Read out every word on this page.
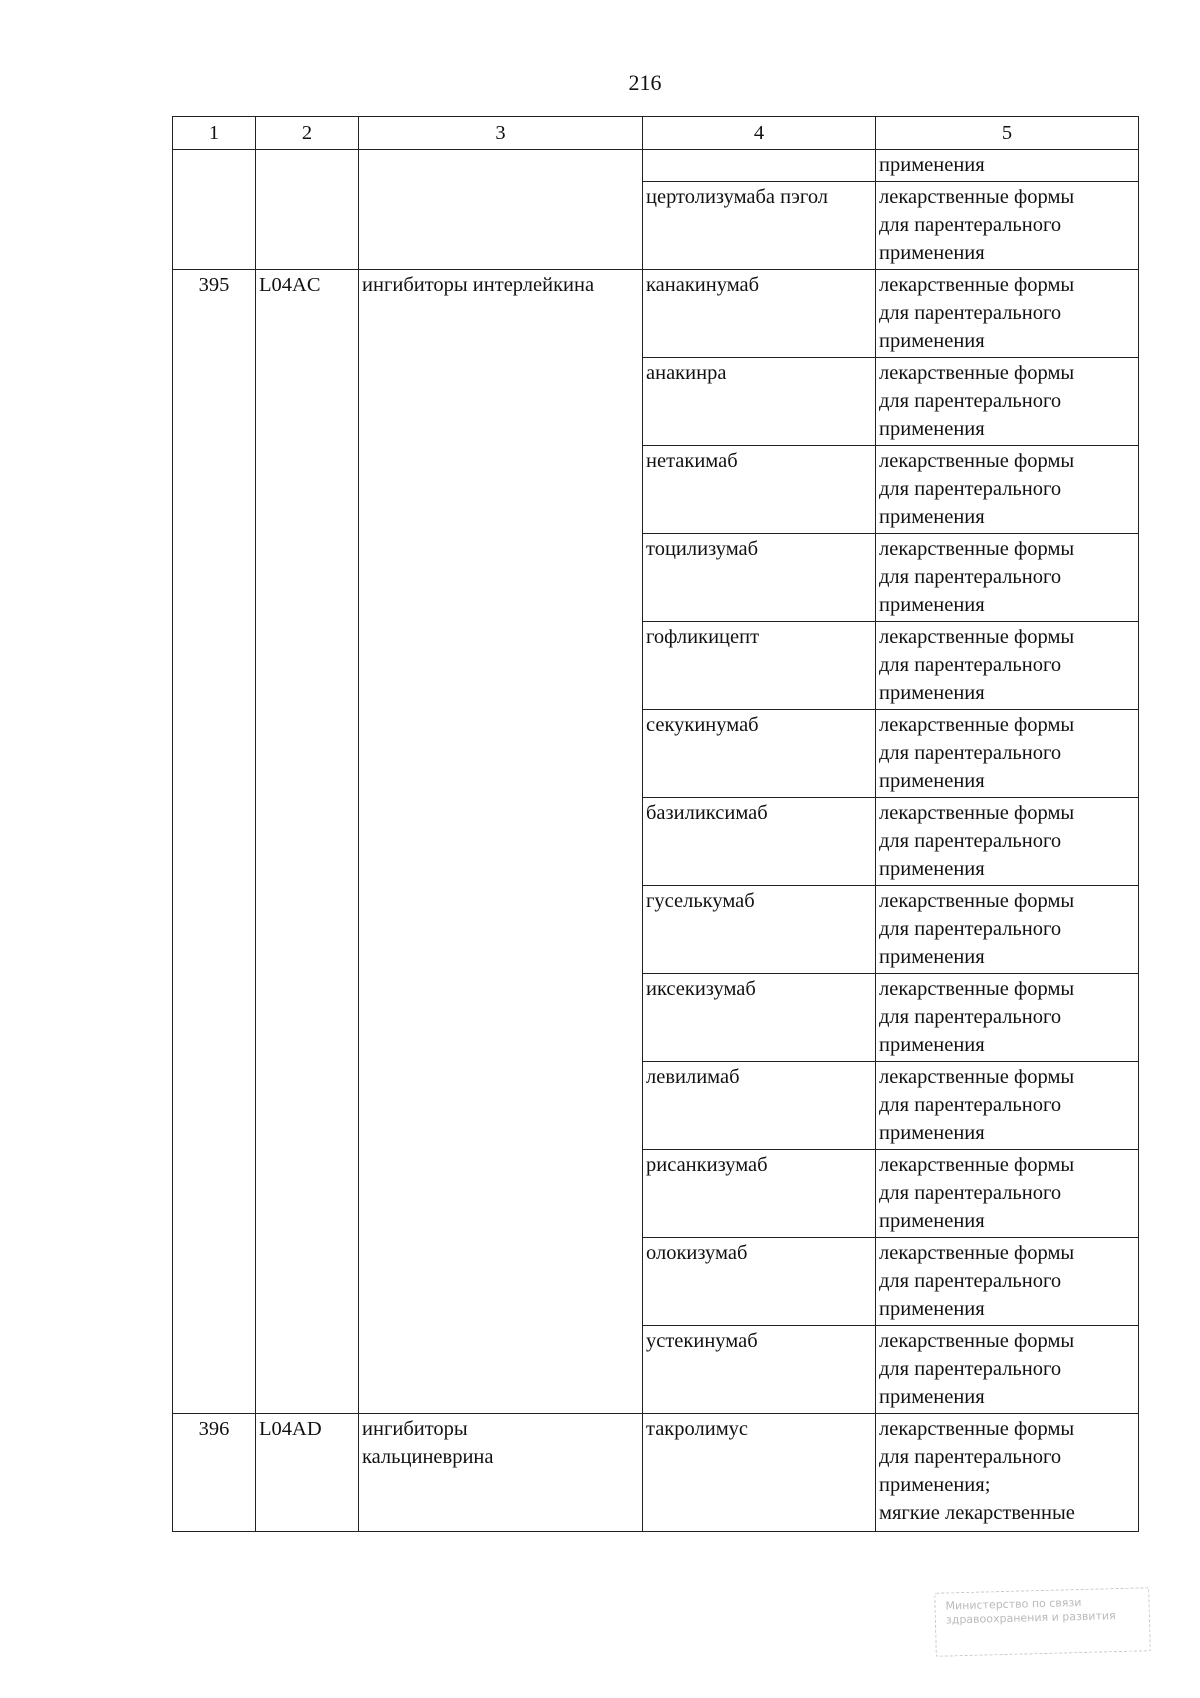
216
1	2	3	4	5
				применения
			цертолизумаба пэгол	лекарственные формы
для парентерального
применения
395	L04AC	ингибиторы интерлейкина	канакинумаб	лекарственные формы
для парентерального
применения
			анакинра	лекарственные формы
для парентерального
применения
			нетакимаб	лекарственные формы
для парентерального
применения
			тоцилизумаб	лекарственные формы
для парентерального
применения
			гофликицепт	лекарственные формы
для парентерального
применения
			секукинумаб	лекарственные формы
для парентерального
применения
			базиликсимаб	лекарственные формы
для парентерального
применения
			гуселькумаб	лекарственные формы
для парентерального
применения
			иксекизумаб	лекарственные формы
для парентерального
применения
			левилимаб	лекарственные формы
для парентерального
применения
			рисанкизумаб	лекарственные формы
для парентерального
применения
			олокизумаб	лекарственные формы
для парентерального
применения
			устекинумаб	лекарственные формы
для парентерального
применения
396	L04AD	ингибиторы
кальциневрина	такролимус	лекарственные формы
для парентерального
применения;
мягкие лекарственные
Министерство по связи
здравоохранения и развития
